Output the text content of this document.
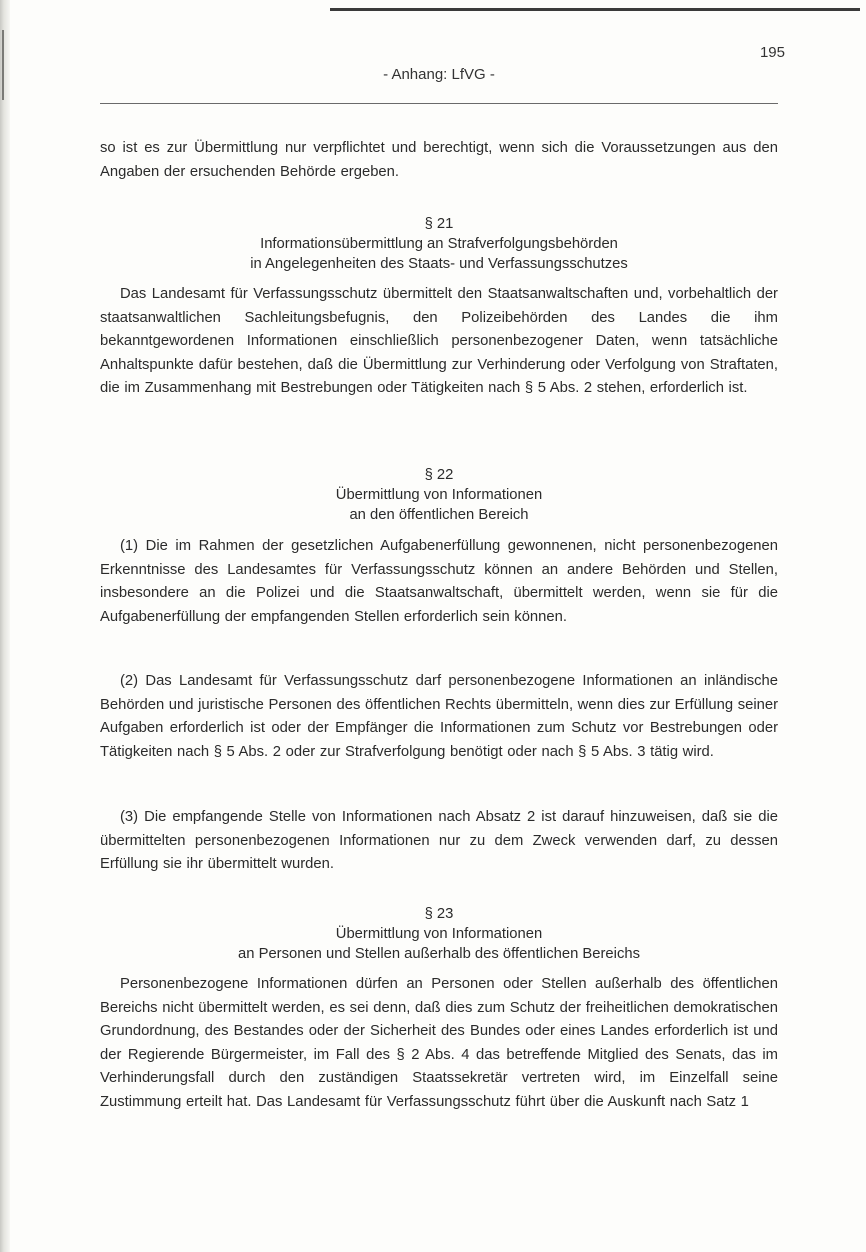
195
- Anhang: LfVG -

so ist es zur Übermittlung nur verpflichtet und berechtigt, wenn sich die Voraussetzungen aus den Angaben der ersuchenden Behörde ergeben.

§ 21
Informationsübermittlung an Strafverfolgungsbehörden
in Angelegenheiten des Staats- und Verfassungsschutzes

Das Landesamt für Verfassungsschutz übermittelt den Staatsanwaltschaften und, vorbehaltlich der staatsanwaltlichen Sachleitungsbefugnis, den Polizeibehörden des Landes die ihm bekanntgewordenen Informationen einschließlich personenbezogener Daten, wenn tatsächliche Anhaltspunkte dafür bestehen, daß die Übermittlung zur Verhinderung oder Verfolgung von Straftaten, die im Zusammenhang mit Bestrebungen oder Tätigkeiten nach § 5 Abs. 2 stehen, erforderlich ist.

§ 22
Übermittlung von Informationen
an den öffentlichen Bereich

(1) Die im Rahmen der gesetzlichen Aufgabenerfüllung gewonnenen, nicht personenbezogenen Erkenntnisse des Landesamtes für Verfassungsschutz können an andere Behörden und Stellen, insbesondere an die Polizei und die Staatsanwaltschaft, übermittelt werden, wenn sie für die Aufgabenerfüllung der empfangenden Stellen erforderlich sein können.

(2) Das Landesamt für Verfassungsschutz darf personenbezogene Informationen an inländische Behörden und juristische Personen des öffentlichen Rechts übermitteln, wenn dies zur Erfüllung seiner Aufgaben erforderlich ist oder der Empfänger die Informationen zum Schutz vor Bestrebungen oder Tätigkeiten nach § 5 Abs. 2 oder zur Strafverfolgung benötigt oder nach § 5 Abs. 3 tätig wird.

(3) Die empfangende Stelle von Informationen nach Absatz 2 ist darauf hinzuweisen, daß sie die übermittelten personenbezogenen Informationen nur zu dem Zweck verwenden darf, zu dessen Erfüllung sie ihr übermittelt wurden.

§ 23
Übermittlung von Informationen
an Personen und Stellen außerhalb des öffentlichen Bereichs

Personenbezogene Informationen dürfen an Personen oder Stellen außerhalb des öffentlichen Bereichs nicht übermittelt werden, es sei denn, daß dies zum Schutz der freiheitlichen demokratischen Grundordnung, des Bestandes oder der Sicherheit des Bundes oder eines Landes erforderlich ist und der Regierende Bürgermeister, im Fall des § 2 Abs. 4 das betreffende Mitglied des Senats, das im Verhinderungsfall durch den zuständigen Staatssekretär vertreten wird, im Einzelfall seine Zustimmung erteilt hat. Das Landesamt für Verfassungsschutz führt über die Auskunft nach Satz 1
